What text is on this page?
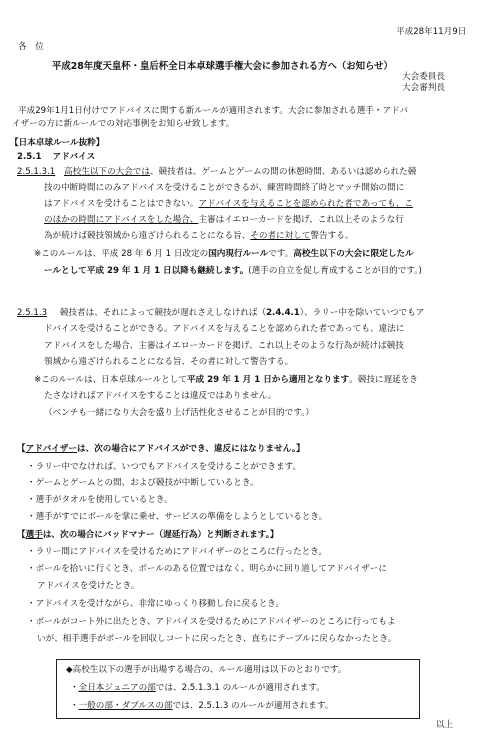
平成28年11月9日
各　位
平成28年度天皇杯・皇后杯全日本卓球選手権大会に参加される方へ（お知らせ）
大会委員長
大会審判長
平成29年1月1日付けでアドバイスに関する新ルールが適用されます。大会に参加される選手・アドバ
イザーの方に新ルールでの対応事例をお知らせ致します。
【日本卓球ルール抜粋】
2.5.1 アドバイス
2.5.1.3.1 高校生以下の大会では、競技者は、ゲームとゲームの間の休憩時間、あるいは認められた競
技の中断時間にのみアドバイスを受けることができるが、練習時間終了時とマッチ開始の間に
はアドバイスを受けることはできない。アドバイスを与えることを認められた者であっても、こ
のほかの時間にアドバイスをした場合、主審はイエローカードを掲げ、これ以上そのような行
為が続けば競技領域から遠ざけられることになる旨、その者に対して警告する。
※このルールは、平成 28 年 6 月 1 日改定の国内現行ルールです。高校生以下の大会に限定したル
ールとして平成 29 年 1 月 1 日以降も継続します。(選手の自立を促し育成することが目的です。)
2.5.1.3 競技者は、それによって競技が遅れさえしなければ（2.4.4.1）、ラリー中を除いていつでもア
ドバイスを受けることができる。アドバイスを与えることを認められた者であっても、違法に
アドバイスをした場合、主審はイエローカードを掲げ、これ以上そのような行為が続けば競技
領域から遠ざけられることになる旨、その者に対して警告する。
※このルールは、日本卓球ルールとして平成 29 年 1 月 1 日から適用となります。競技に遅延をき
たさなければアドバイスをすることは違反ではありません。
（ベンチも一緒になり大会を盛り上げ活性化させることが目的です。）
【アドバイザーは、次の場合にアドバイスができ、違反にはなりません。】
・ラリー中でなければ、いつでもアドバイスを受けることができます。
・ゲームとゲームとの間、および競技が中断しているとき。
・選手がタオルを使用しているとき。
・選手がすでにボールを掌に乗せ、サービスの準備をしようとしているとき。
【選手は、次の場合にバッドマナー（遅延行為）と判断されます。】
・ラリー間にアドバイスを受けるためにアドバイザーのところに行ったとき。
・ボールを拾いに行くとき、ボールのある位置ではなく、明らかに回り道してアドバイザーに
アドバイスを受けたとき。
・アドバイスを受けながら、非常にゆっくり移動し台に戻るとき。
・ボールがコート外に出たとき、アドバイスを受けるためにアドバイザーのところに行ってもよ
いが、相手選手がボールを回収しコートに戻ったとき、直ちにテーブルに戻らなかったとき。
◆高校生以下の選手が出場する場合の、ルール適用は以下のとおりです。
・全日本ジュニアの部では、2.5.1.3.1 のルールが適用されます。
・一般の部・ダブルスの部では、2.5.1.3 のルールが適用されます。
以上
